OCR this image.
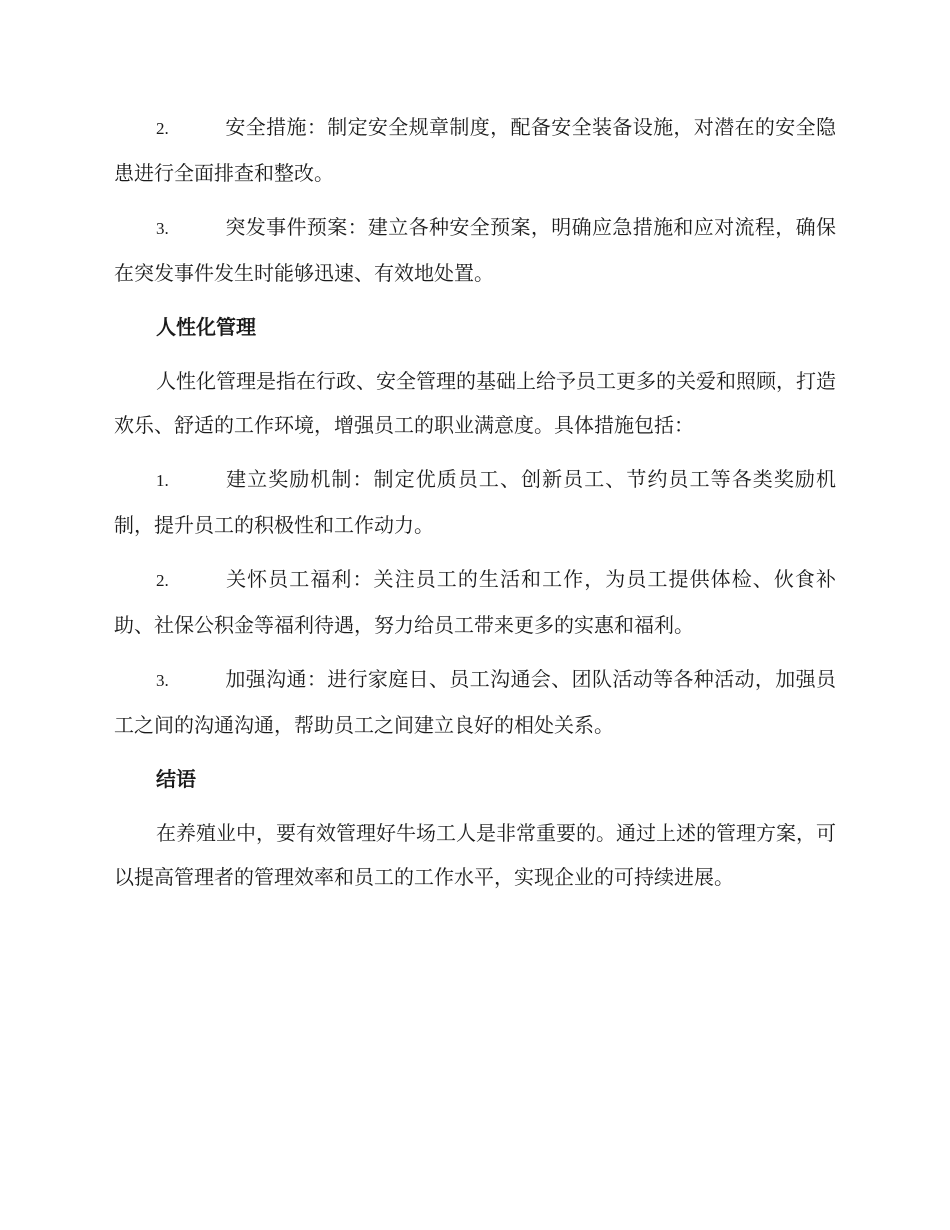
2.	安全措施：制定安全规章制度，配备安全装备设施，对潜在的安全隐患进行全面排查和整改。
3.	突发事件预案：建立各种安全预案，明确应急措施和应对流程，确保在突发事件发生时能够迅速、有效地处置。
人性化管理
人性化管理是指在行政、安全管理的基础上给予员工更多的关爱和照顾，打造欢乐、舒适的工作环境，增强员工的职业满意度。具体措施包括：
1.	建立奖励机制：制定优质员工、创新员工、节约员工等各类奖励机制，提升员工的积极性和工作动力。
2.	关怀员工福利：关注员工的生活和工作，为员工提供体检、伙食补助、社保公积金等福利待遇，努力给员工带来更多的实惠和福利。
3.	加强沟通：进行家庭日、员工沟通会、团队活动等各种活动，加强员工之间的沟通沟通，帮助员工之间建立良好的相处关系。
结语
在养殖业中，要有效管理好牛场工人是非常重要的。通过上述的管理方案，可以提高管理者的管理效率和员工的工作水平，实现企业的可持续进展。
